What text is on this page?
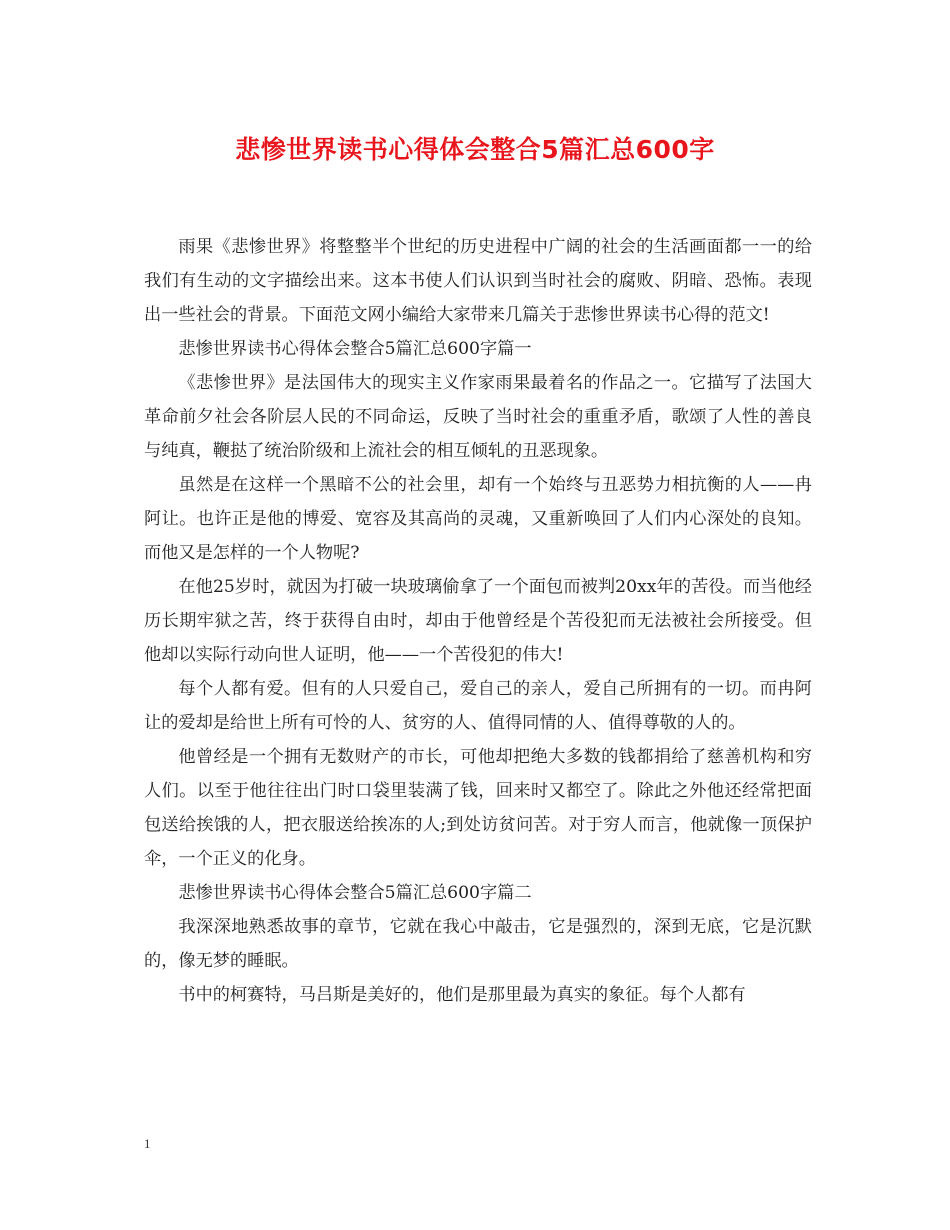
悲惨世界读书心得体会整合5篇汇总600字

雨果《悲惨世界》将整整半个世纪的历史进程中广阔的社会的生活画面都一一的给我们有生动的文字描绘出来。这本书使人们认识到当时社会的腐败、阴暗、恐怖。表现出一些社会的背景。下面范文网小编给大家带来几篇关于悲惨世界读书心得的范文!

悲惨世界读书心得体会整合5篇汇总600字篇一

《悲惨世界》是法国伟大的现实主义作家雨果最着名的作品之一。它描写了法国大革命前夕社会各阶层人民的不同命运，反映了当时社会的重重矛盾，歌颂了人性的善良与纯真，鞭挞了统治阶级和上流社会的相互倾轧的丑恶现象。

虽然是在这样一个黑暗不公的社会里，却有一个始终与丑恶势力相抗衡的人——冉阿让。也许正是他的博爱、宽容及其高尚的灵魂，又重新唤回了人们内心深处的良知。而他又是怎样的一个人物呢?

在他25岁时，就因为打破一块玻璃偷拿了一个面包而被判20xx年的苦役。而当他经历长期牢狱之苦，终于获得自由时，却由于他曾经是个苦役犯而无法被社会所接受。但他却以实际行动向世人证明，他——一个苦役犯的伟大!

每个人都有爱。但有的人只爱自己，爱自己的亲人，爱自己所拥有的一切。而冉阿让的爱却是给世上所有可怜的人、贫穷的人、值得同情的人、值得尊敬的人的。

他曾经是一个拥有无数财产的市长，可他却把绝大多数的钱都捐给了慈善机构和穷人们。以至于他往往出门时口袋里装满了钱，回来时又都空了。除此之外他还经常把面包送给挨饿的人，把衣服送给挨冻的人;到处访贫问苦。对于穷人而言，他就像一顶保护伞，一个正义的化身。

悲惨世界读书心得体会整合5篇汇总600字篇二

我深深地熟悉故事的章节，它就在我心中敲击，它是强烈的，深到无底，它是沉默的，像无梦的睡眠。

书中的柯赛特，马吕斯是美好的，他们是那里最为真实的象征。每个人都有

1
